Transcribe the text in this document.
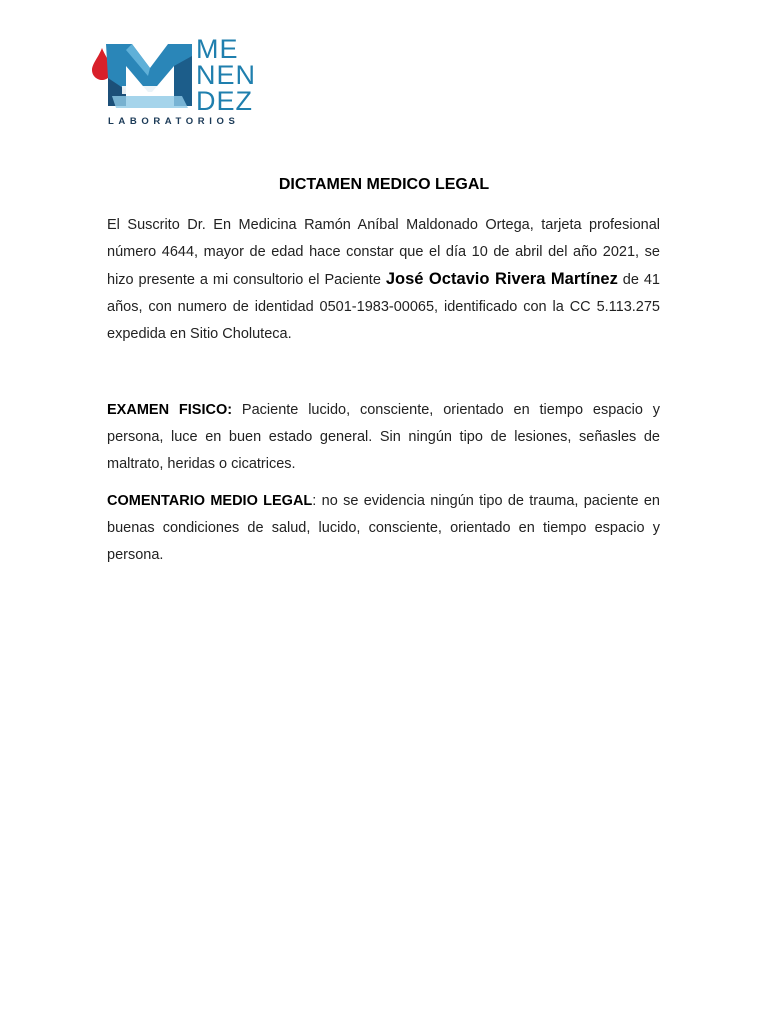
ME
NEN
DEZ
LABORATORIOS
DICTAMEN MEDICO LEGAL

El Suscrito Dr. En Medicina Ramón Aníbal Maldonado Ortega, tarjeta profesional número 4644, mayor de edad hace constar que el día 10 de abril del año 2021, se hizo presente a mi consultorio el Paciente José Octavio Rivera Martínez de 41 años, con numero de identidad 0501-1983-00065, identificado con la CC 5.113.275 expedida en Sitio Choluteca.

EXAMEN FISICO: Paciente lucido, consciente, orientado en tiempo espacio y persona, luce en buen estado general. Sin ningún tipo de lesiones, señasles de maltrato, heridas o cicatrices.

COMENTARIO MEDIO LEGAL: no se evidencia ningún tipo de trauma, paciente en buenas condiciones de salud, lucido, consciente, orientado en tiempo espacio y persona.
